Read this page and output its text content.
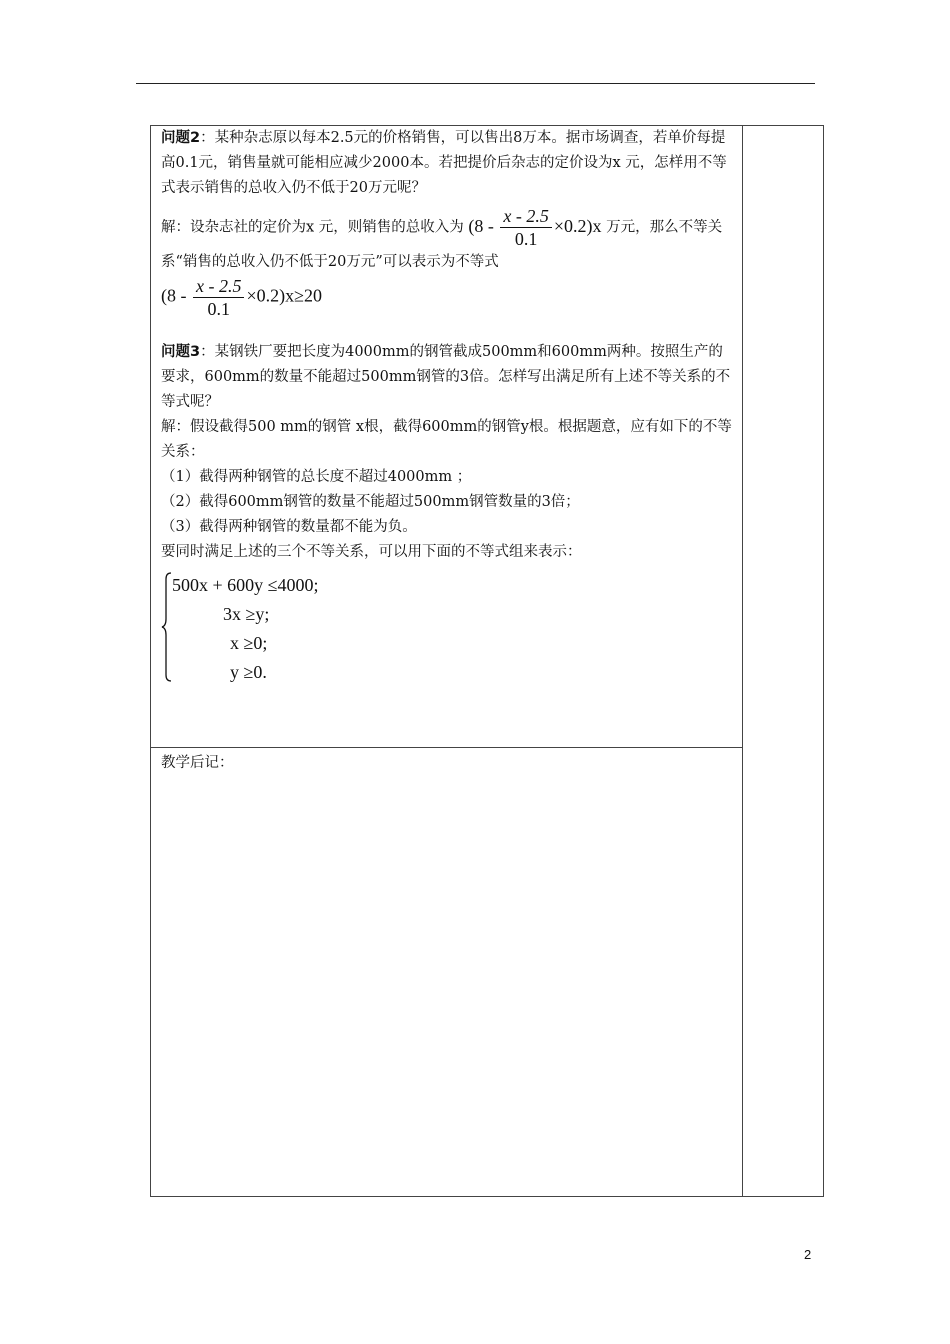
问题2：某种杂志原以每本2.5元的价格销售，可以售出8万本。据市场调查，若单价每提高0.1元，销售量就可能相应减少2000本。若把提价后杂志的定价设为x 元，怎样用不等式表示销售的总收入仍不低于20万元呢？

解：设杂志社的定价为x 元，则销售的总收入为 $(8 - \frac{x - 2.5}{0.1} \times 0.2)x$ 万元，那么不等关系“销售的总收入仍不低于20万元”可以表示为不等式

$(8 - \frac{x - 2.5}{0.1} \times 0.2)x\ge 20$

问题3：某钢铁厂要把长度为4000mm的钢管截成500mm和600mm两种。按照生产的要求，600mm的数量不能超过500mm钢管的3倍。怎样写出满足所有上述不等关系的不等式呢？

解：假设截得500 mm的钢管 x根，截得600mm的钢管y根。根据题意，应有如下的不等关系：

（1）截得两种钢管的总长度不超过4000mm ；

（2）截得600mm钢管的数量不能超过500mm钢管数量的3倍；

（3）截得两种钢管的数量都不能为负。

要同时满足上述的三个不等关系，可以用下面的不等式组来表示：

500x + 600y ≤4000;
3x ≥y;
x ≥0;
y ≥0.
教学后记：
2
